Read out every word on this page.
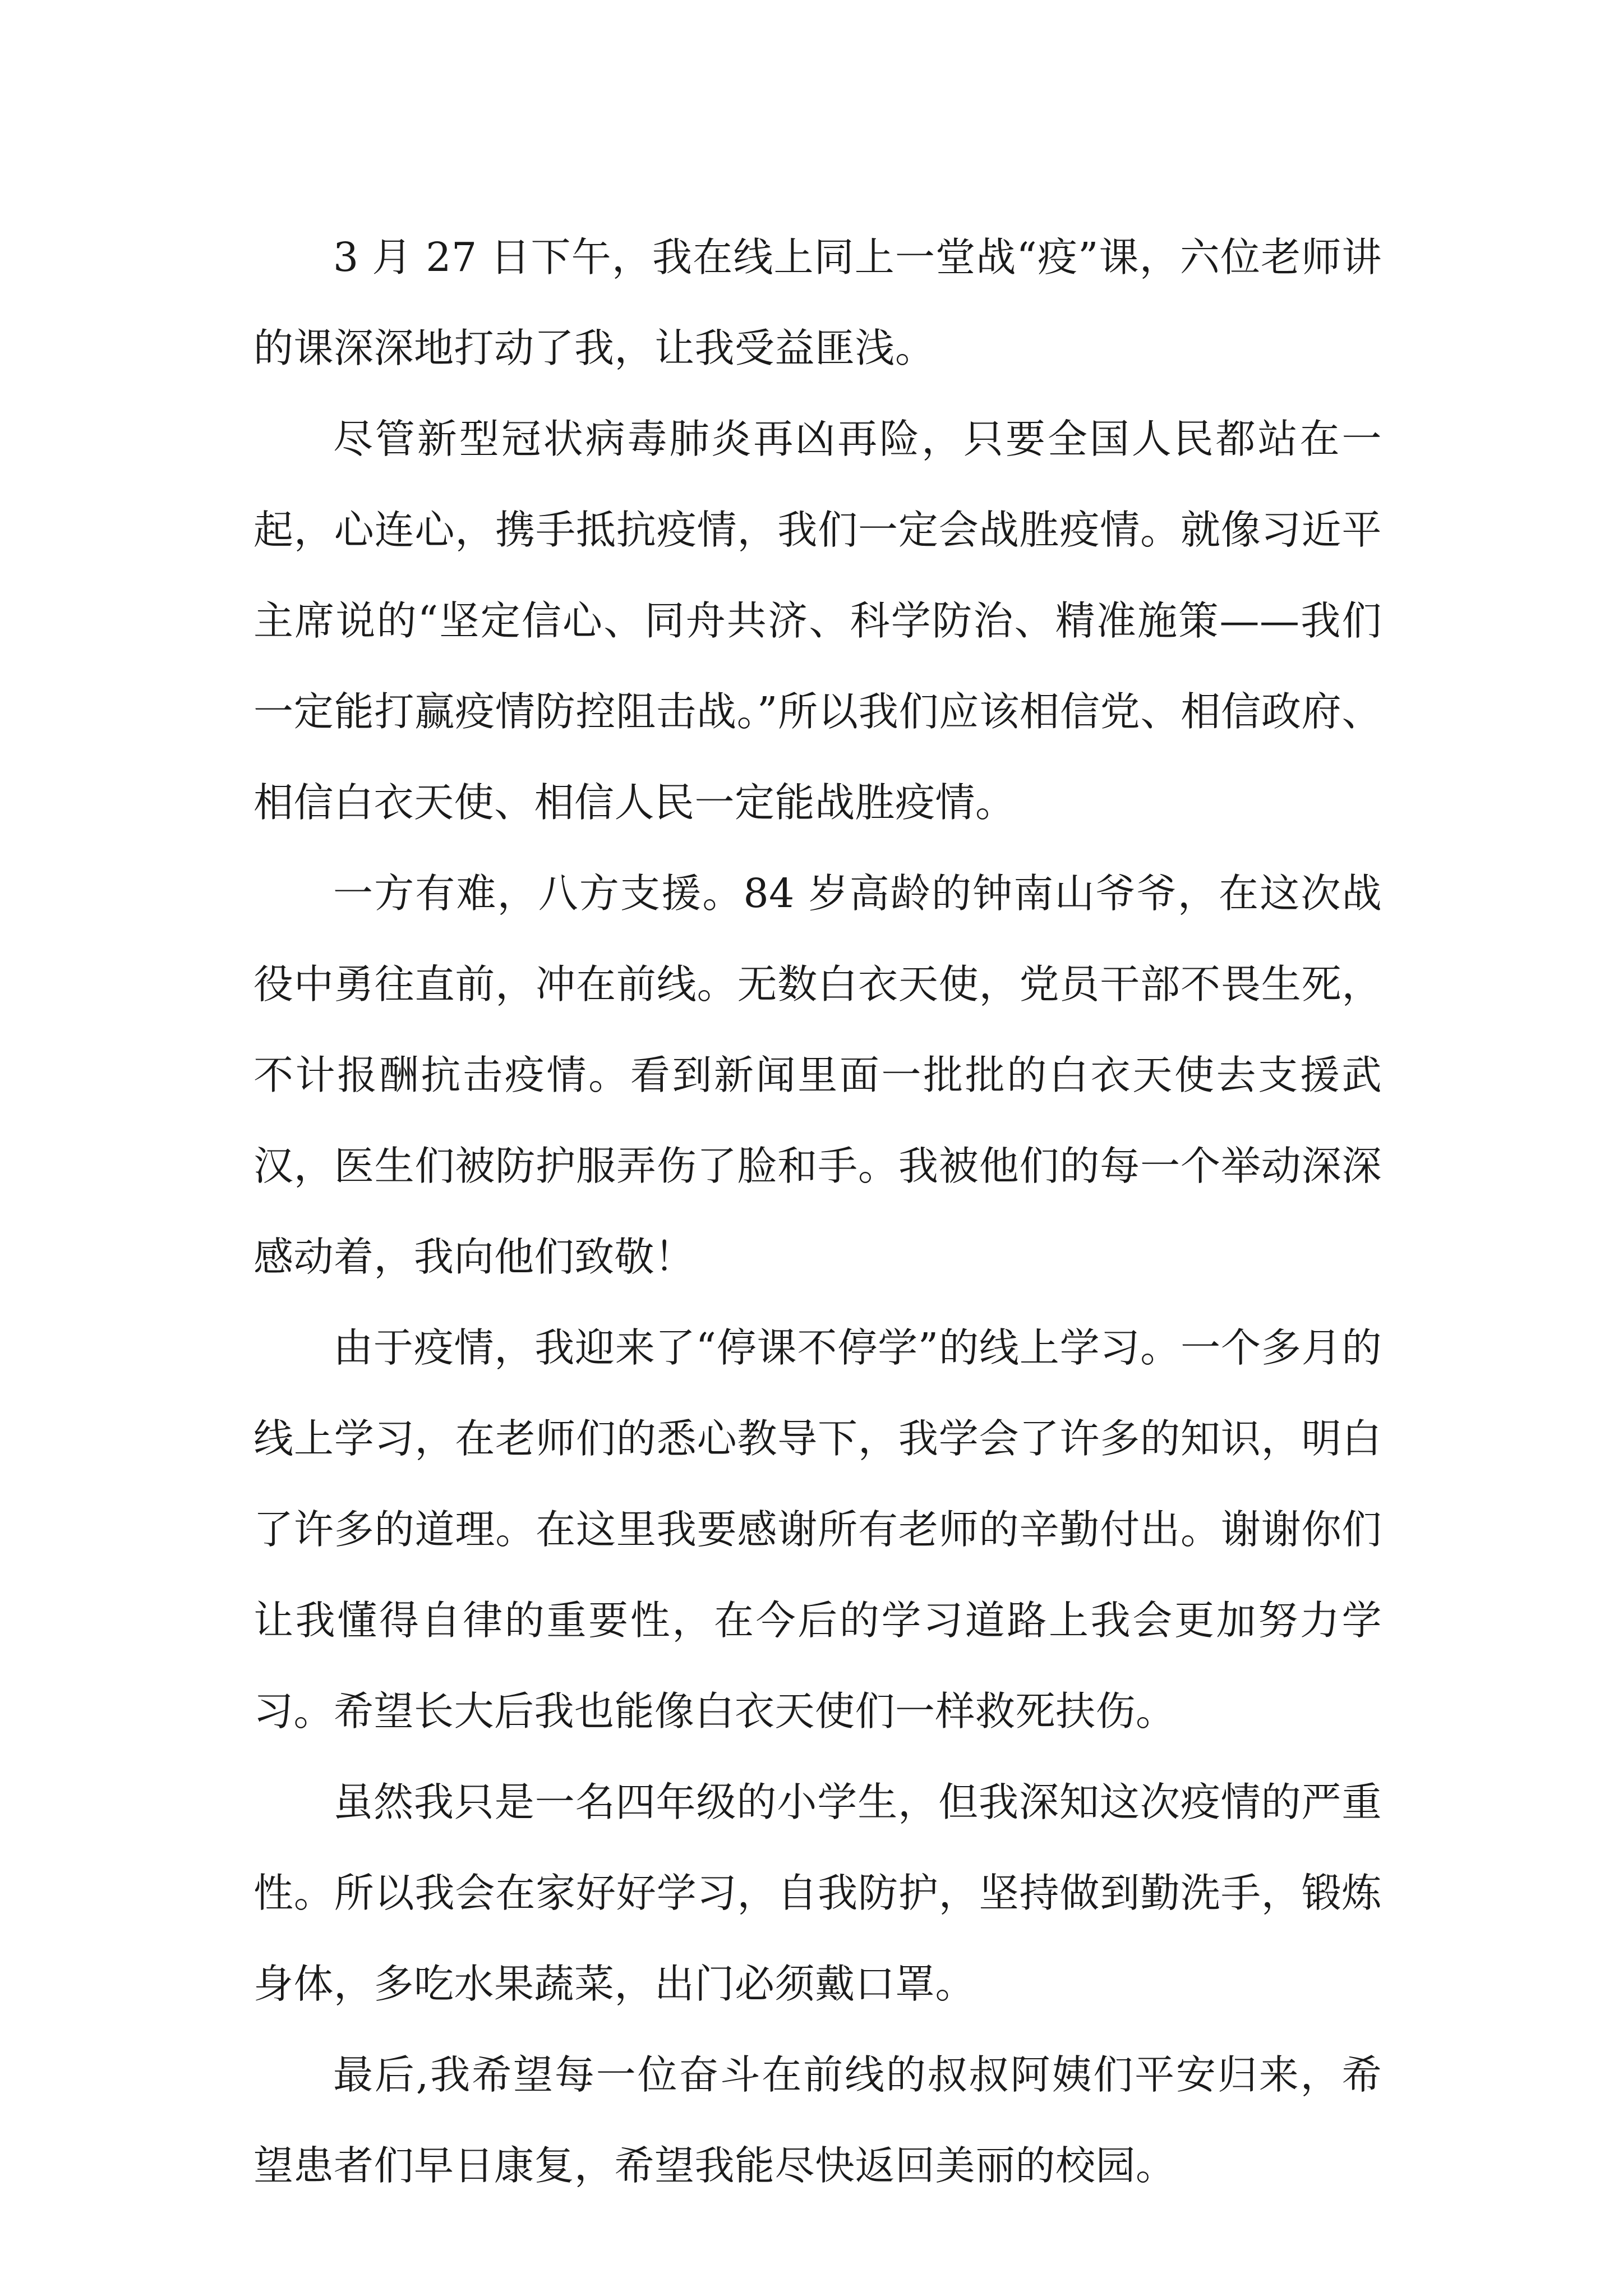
3 月 27 日下午，我在线上同上一堂战“疫”课，六位老师讲的课深深地打动了我，让我受益匪浅。

尽管新型冠状病毒肺炎再凶再险，只要全国人民都站在一起，心连心，携手抵抗疫情，我们一定会战胜疫情。就像习近平主席说的“坚定信心、同舟共济、科学防治、精准施策——我们一定能打赢疫情防控阻击战。”所以我们应该相信党、相信政府、相信白衣天使、相信人民一定能战胜疫情。

一方有难，八方支援。84 岁高龄的钟南山爷爷，在这次战役中勇往直前，冲在前线。无数白衣天使，党员干部不畏生死，不计报酬抗击疫情。看到新闻里面一批批的白衣天使去支援武汉，医生们被防护服弄伤了脸和手。我被他们的每一个举动深深感动着，我向他们致敬！

由于疫情，我迎来了“停课不停学”的线上学习。一个多月的线上学习，在老师们的悉心教导下，我学会了许多的知识，明白了许多的道理。在这里我要感谢所有老师的辛勤付出。谢谢你们让我懂得自律的重要性，在今后的学习道路上我会更加努力学习。希望长大后我也能像白衣天使们一样救死扶伤。

虽然我只是一名四年级的小学生，但我深知这次疫情的严重性。所以我会在家好好学习，自我防护，坚持做到勤洗手，锻炼身体，多吃水果蔬菜，出门必须戴口罩。

最后,我希望每一位奋斗在前线的叔叔阿姨们平安归来，希望患者们早日康复，希望我能尽快返回美丽的校园。
